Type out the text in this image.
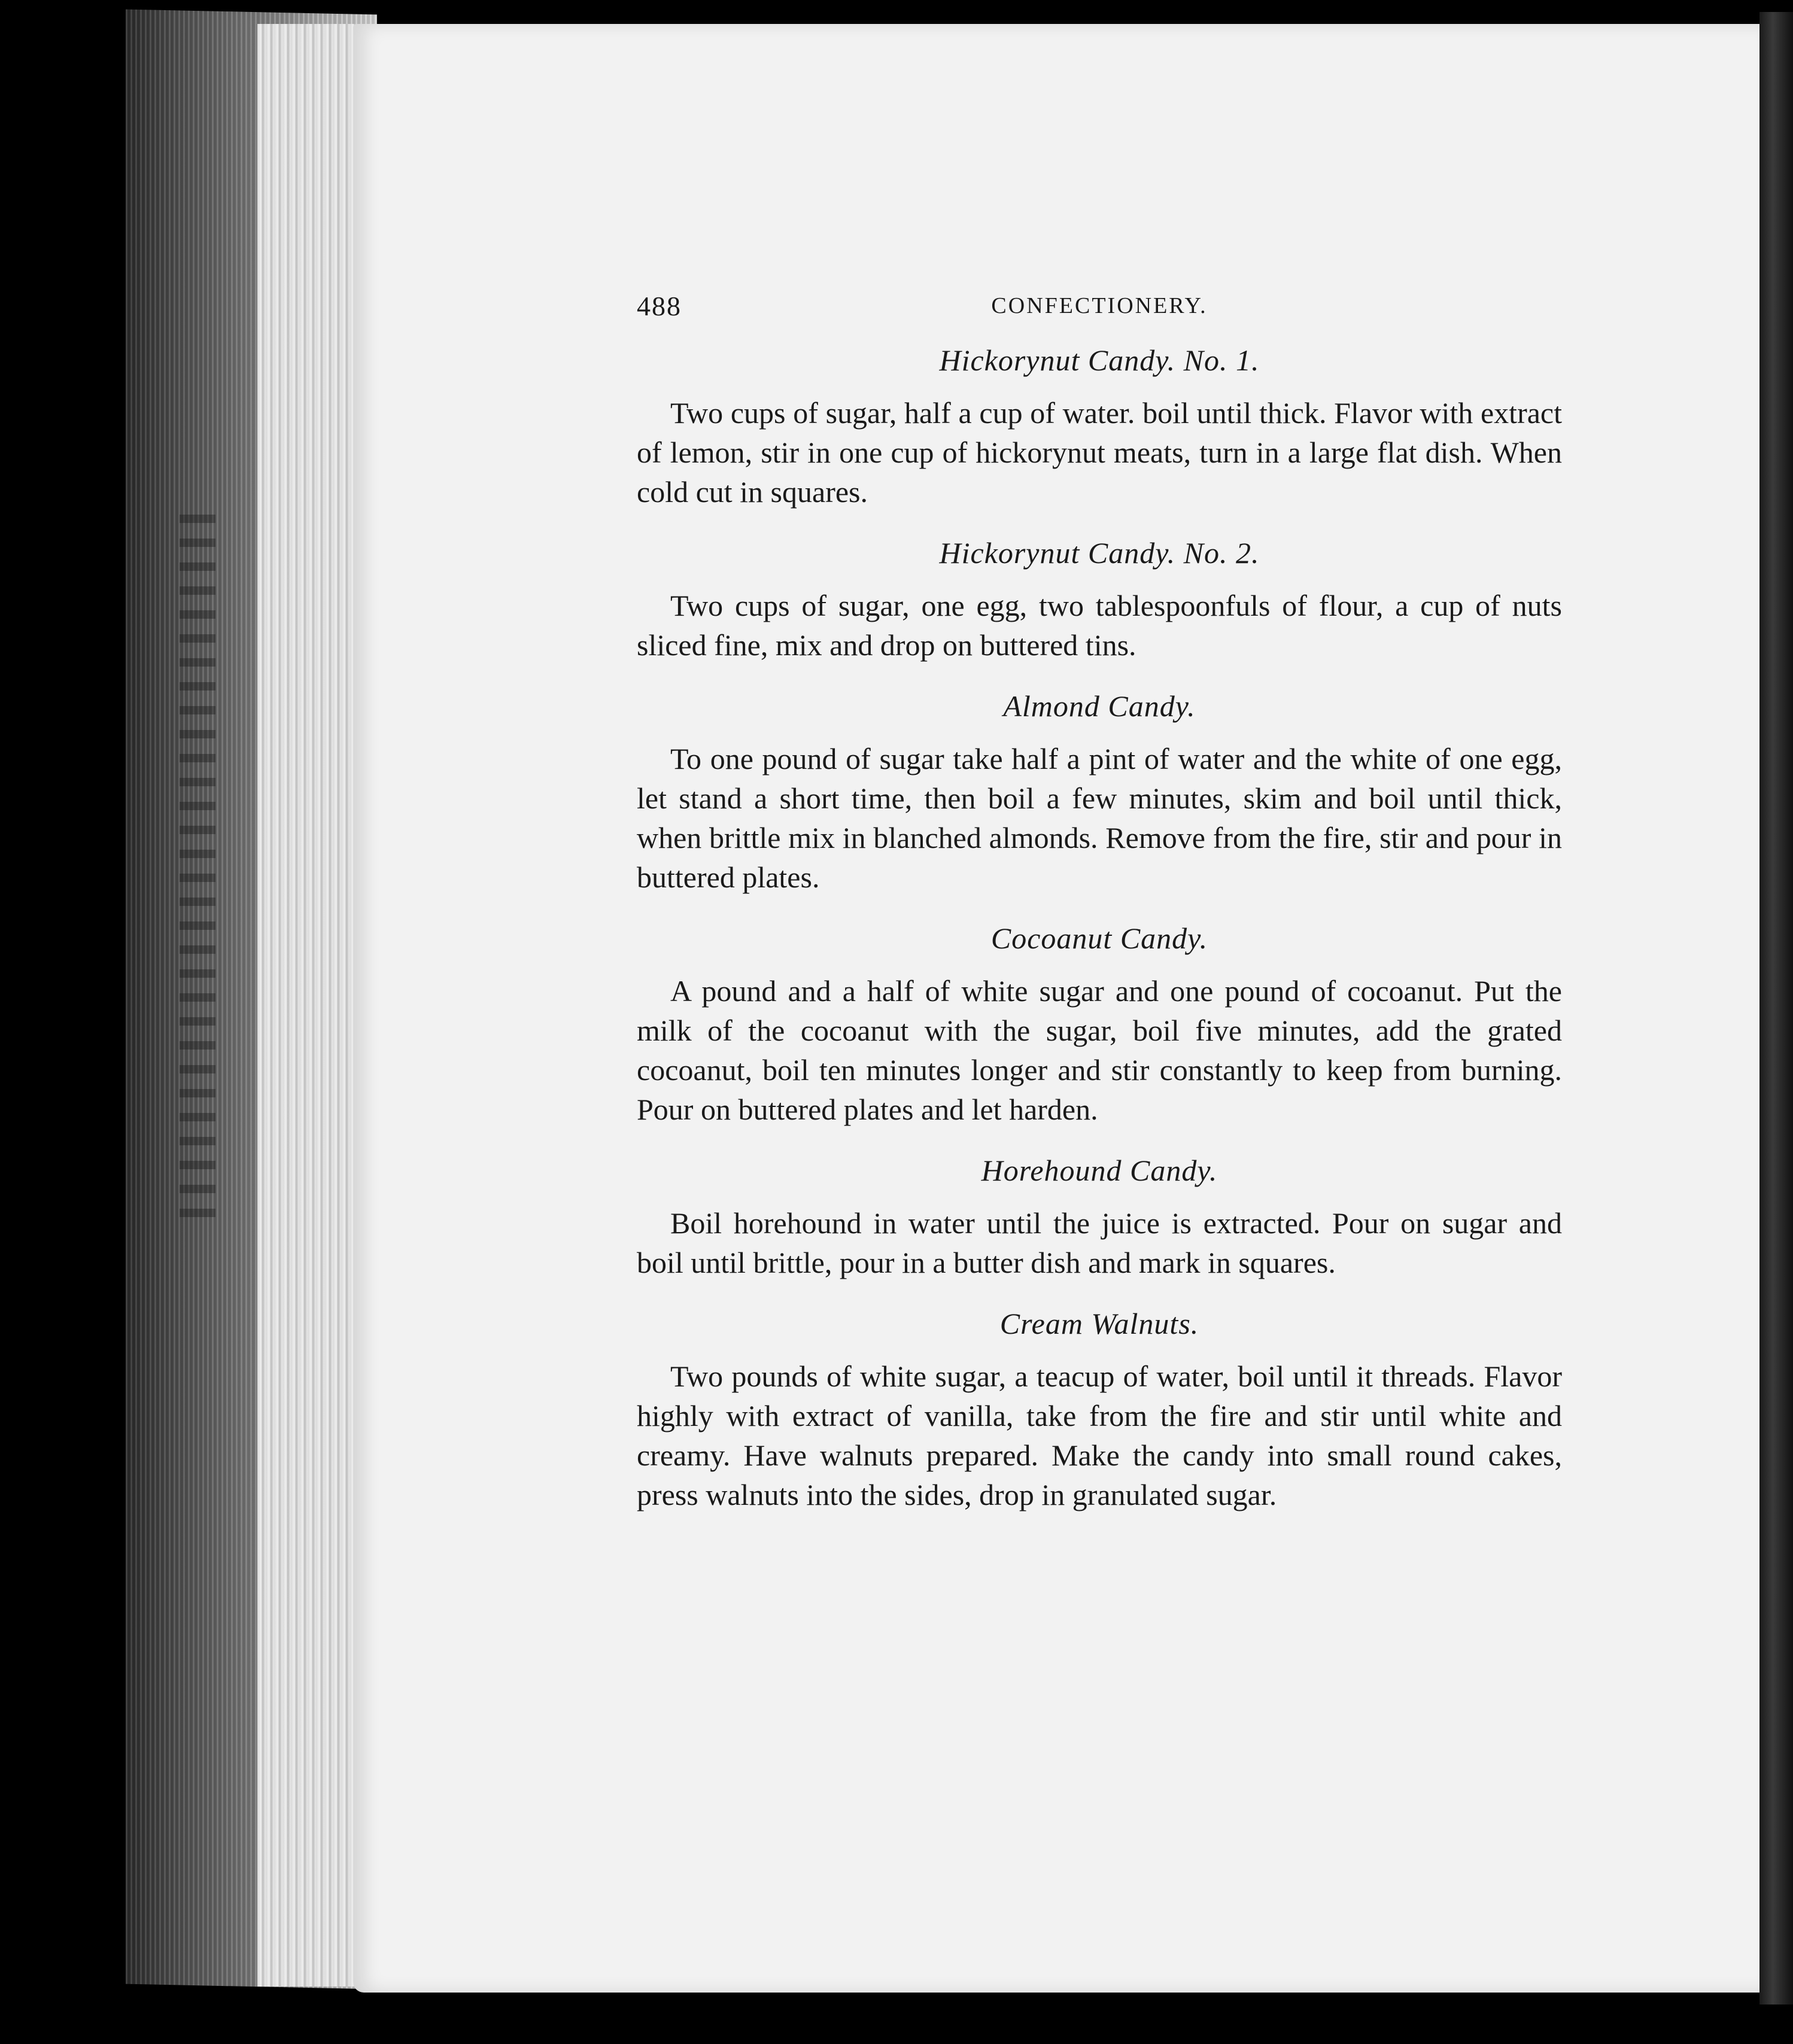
488	CONFECTIONERY.
Hickorynut Candy. No. 1.

Two cups of sugar, half a cup of water. boil until thick. Flavor with extract of lemon, stir in one cup of hickorynut meats, turn in a large flat dish. When cold cut in squares.

Hickorynut Candy. No. 2.

Two cups of sugar, one egg, two tablespoonfuls of flour, a cup of nuts sliced fine, mix and drop on buttered tins.

Almond Candy.

To one pound of sugar take half a pint of water and the white of one egg, let stand a short time, then boil a few minutes, skim and boil until thick, when brittle mix in blanched almonds. Remove from the fire, stir and pour in buttered plates.

Cocoanut Candy.

A pound and a half of white sugar and one pound of cocoanut. Put the milk of the cocoanut with the sugar, boil five minutes, add the grated cocoanut, boil ten minutes longer and stir constantly to keep from burning. Pour on buttered plates and let harden.

Horehound Candy.

Boil horehound in water until the juice is extracted. Pour on sugar and boil until brittle, pour in a butter dish and mark in squares.

Cream Walnuts.

Two pounds of white sugar, a teacup of water, boil until it threads. Flavor highly with extract of vanilla, take from the fire and stir until white and creamy. Have walnuts prepared. Make the candy into small round cakes, press walnuts into the sides, drop in granulated sugar.
